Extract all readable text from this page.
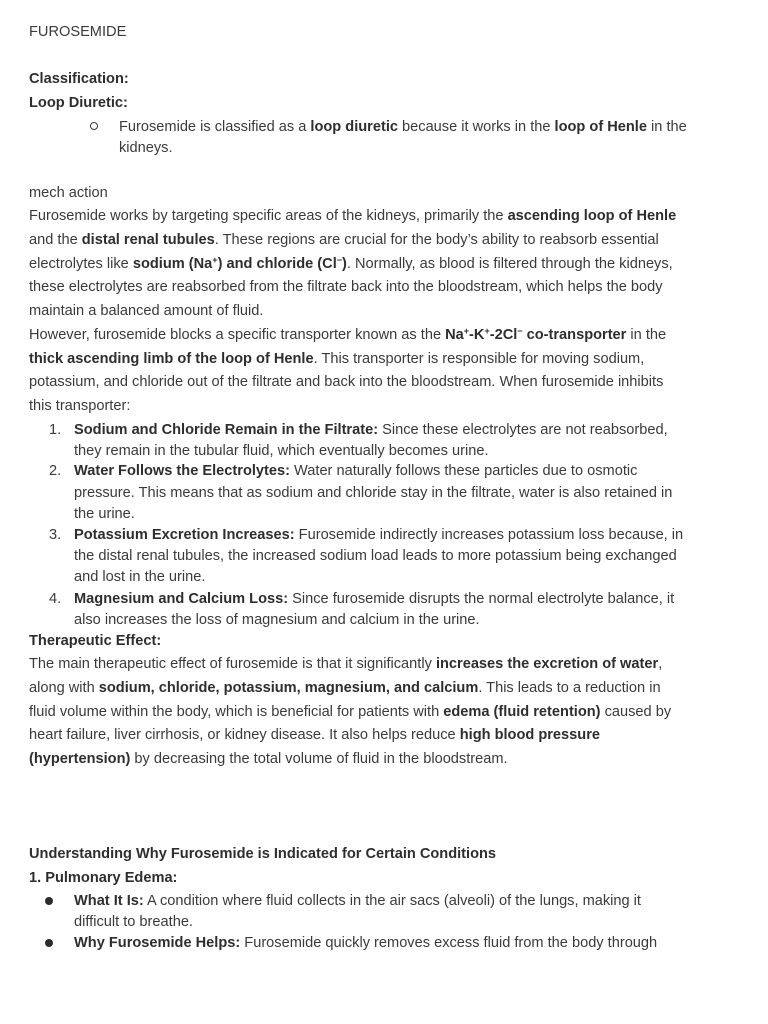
FUROSEMIDE
Classification:
Loop Diuretic:
Furosemide is classified as a loop diuretic because it works in the loop of Henle in the
kidneys.
mech action
Furosemide works by targeting specific areas of the kidneys, primarily the ascending loop of Henle
and the distal renal tubules. These regions are crucial for the body’s ability to reabsorb essential
electrolytes like sodium (Na+) and chloride (Cl−). Normally, as blood is filtered through the kidneys,
these electrolytes are reabsorbed from the filtrate back into the bloodstream, which helps the body
maintain a balanced amount of fluid.
However, furosemide blocks a specific transporter known as the Na+-K+-2Cl− co-transporter in the
thick ascending limb of the loop of Henle. This transporter is responsible for moving sodium,
potassium, and chloride out of the filtrate and back into the bloodstream. When furosemide inhibits
this transporter:
1. Sodium and Chloride Remain in the Filtrate: Since these electrolytes are not reabsorbed,
they remain in the tubular fluid, which eventually becomes urine.
2. Water Follows the Electrolytes: Water naturally follows these particles due to osmotic
pressure. This means that as sodium and chloride stay in the filtrate, water is also retained in
the urine.
3. Potassium Excretion Increases: Furosemide indirectly increases potassium loss because, in
the distal renal tubules, the increased sodium load leads to more potassium being exchanged
and lost in the urine.
4. Magnesium and Calcium Loss: Since furosemide disrupts the normal electrolyte balance, it
also increases the loss of magnesium and calcium in the urine.
Therapeutic Effect:
The main therapeutic effect of furosemide is that it significantly increases the excretion of water,
along with sodium, chloride, potassium, magnesium, and calcium. This leads to a reduction in
fluid volume within the body, which is beneficial for patients with edema (fluid retention) caused by
heart failure, liver cirrhosis, or kidney disease. It also helps reduce high blood pressure
(hypertension) by decreasing the total volume of fluid in the bloodstream.
Understanding Why Furosemide is Indicated for Certain Conditions
1. Pulmonary Edema:
What It Is: A condition where fluid collects in the air sacs (alveoli) of the lungs, making it
difficult to breathe.
Why Furosemide Helps: Furosemide quickly removes excess fluid from the body through
